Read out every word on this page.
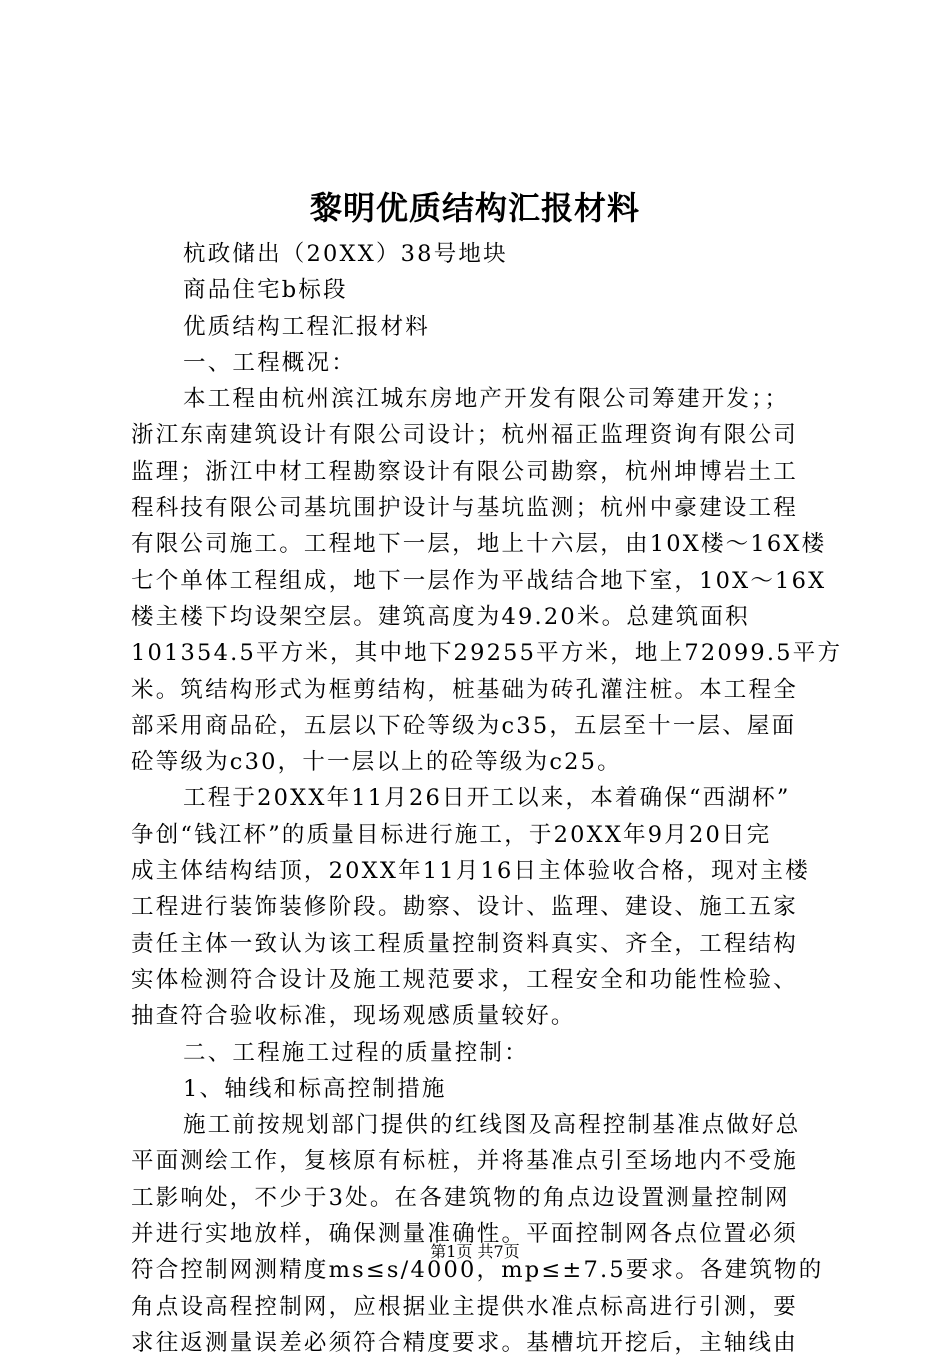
黎明优质结构汇报材料
杭政储出（20XX）38号地块
商品住宅b标段
优质结构工程汇报材料
一、工程概况：
本工程由杭州滨江城东房地产开发有限公司筹建开发；；
浙江东南建筑设计有限公司设计；杭州福正监理资询有限公司
监理；浙江中材工程勘察设计有限公司勘察，杭州坤博岩土工
程科技有限公司基坑围护设计与基坑监测；杭州中豪建设工程
有限公司施工。工程地下一层，地上十六层，由10X楼～16X楼
七个单体工程组成，地下一层作为平战结合地下室，10X～16X
楼主楼下均设架空层。建筑高度为49.20米。总建筑面积
101354.5平方米，其中地下29255平方米，地上72099.5平方
米。筑结构形式为框剪结构，桩基础为砖孔灌注桩。本工程全
部采用商品砼，五层以下砼等级为c35，五层至十一层、屋面
砼等级为c30，十一层以上的砼等级为c25。
工程于20XX年11月26日开工以来，本着确保“西湖杯”
争创“钱江杯”的质量目标进行施工，于20XX年9月20日完
成主体结构结顶，20XX年11月16日主体验收合格，现对主楼
工程进行装饰装修阶段。勘察、设计、监理、建设、施工五家
责任主体一致认为该工程质量控制资料真实、齐全，工程结构
实体检测符合设计及施工规范要求，工程安全和功能性检验、
抽查符合验收标准，现场观感质量较好。
二、工程施工过程的质量控制：
1、轴线和标高控制措施
施工前按规划部门提供的红线图及高程控制基准点做好总
平面测绘工作，复核原有标桩，并将基准点引至场地内不受施
工影响处，不少于3处。在各建筑物的角点边设置测量控制网
并进行实地放样，确保测量准确性。平面控制网各点位置必须
符合控制网测精度ms≤s/4000，mp≤±7.5要求。各建筑物的
角点设高程控制网，应根据业主提供水准点标高进行引测，要
求往返测量误差必须符合精度要求。基槽坑开挖后，主轴线由
第1页 共7页
